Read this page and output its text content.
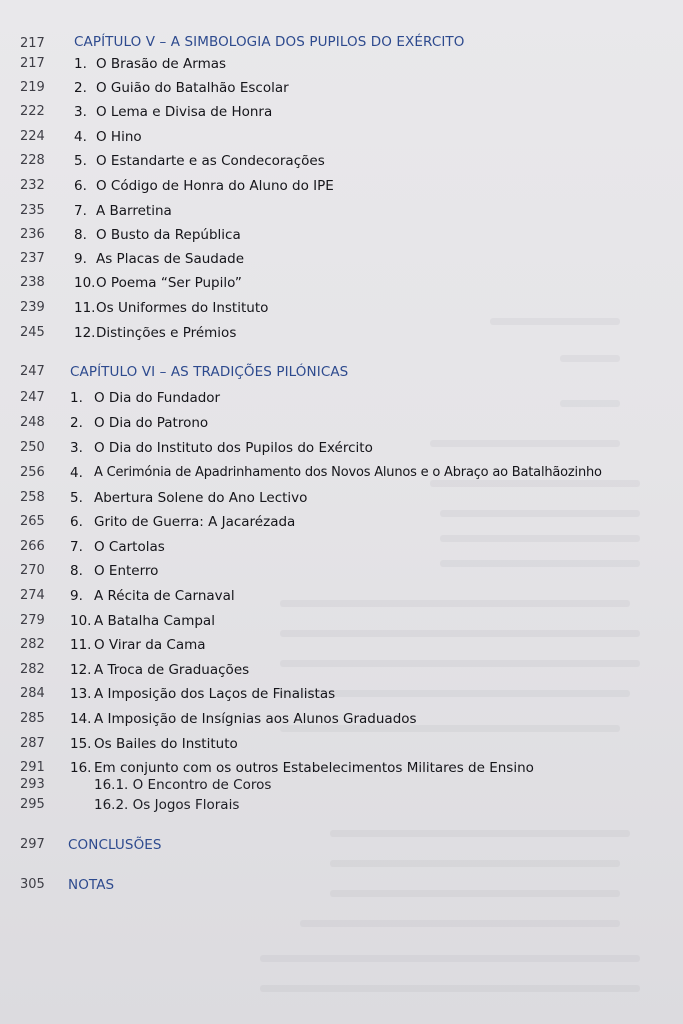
217	CAPÍTULO V – A SIMBOLOGIA DOS PUPILOS DO EXÉRCITO
217	1. O Brasão de Armas
219	2. O Guião do Batalhão Escolar
222	3. O Lema e Divisa de Honra
224	4. O Hino
228	5. O Estandarte e as Condecorações
232	6. O Código de Honra do Aluno do IPE
235	7. A Barretina
236	8. O Busto da República
237	9. As Placas de Saudade
238	10. O Poema “Ser Pupilo”
239	11. Os Uniformes do Instituto
245	12. Distinções e Prémios
247	CAPÍTULO VI – AS TRADIÇÕES PILÓNICAS
247	1. O Dia do Fundador
248	2. O Dia do Patrono
250	3. O Dia do Instituto dos Pupilos do Exército
256	4. A Cerimónia de Apadrinhamento dos Novos Alunos e o Abraço ao Batalhãozinho
258	5. Abertura Solene do Ano Lectivo
265	6. Grito de Guerra: A Jacarézada
266	7. O Cartolas
270	8. O Enterro
274	9. A Récita de Carnaval
279	10. A Batalha Campal
282	11. O Virar da Cama
282	12. A Troca de Graduações
284	13. A Imposição dos Laços de Finalistas
285	14. A Imposição de Insígnias aos Alunos Graduados
287	15. Os Bailes do Instituto
291	16. Em conjunto com os outros Estabelecimentos Militares de Ensino
293	16.1. O Encontro de Coros
295	16.2. Os Jogos Florais
297	CONCLUSÕES
305	NOTAS
